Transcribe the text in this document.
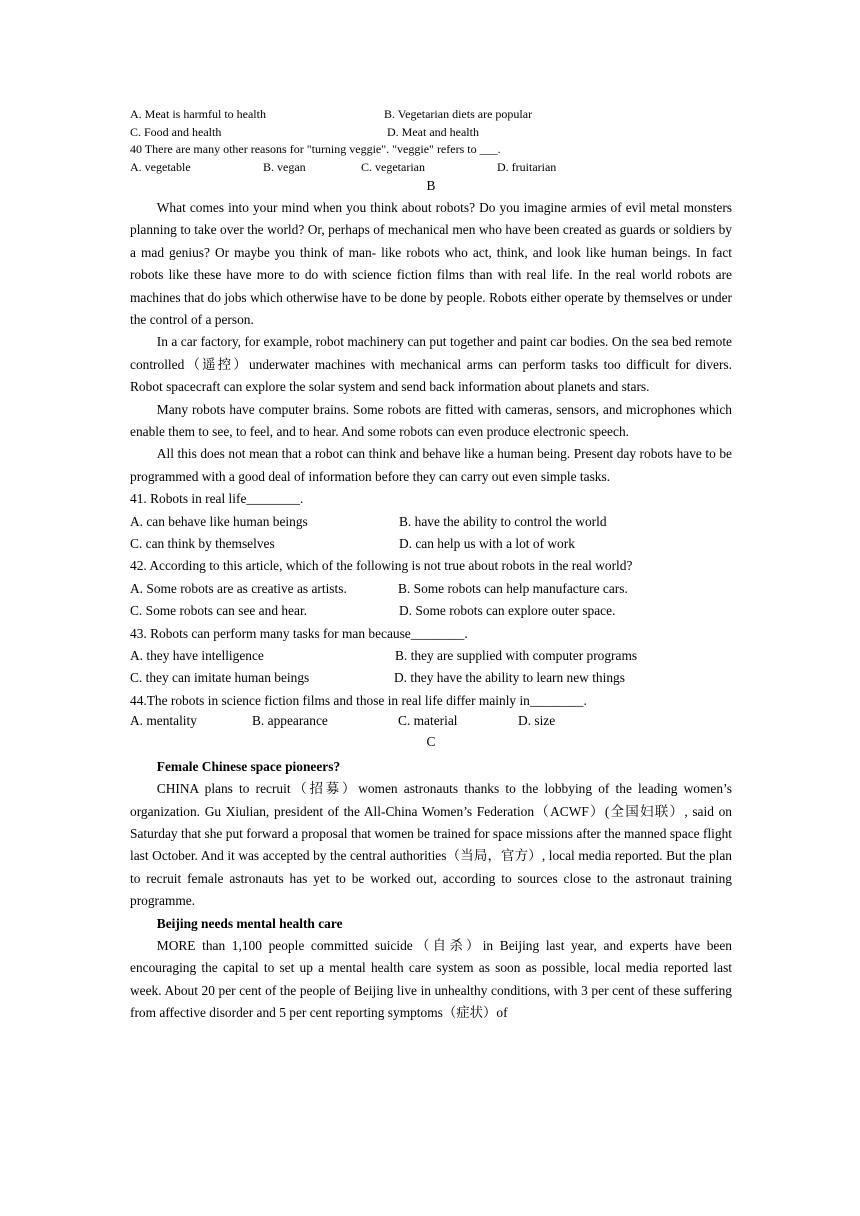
A. Meat is harmful to health	B. Vegetarian diets are popular
C. Food and health	D. Meat and health
40 There are many other reasons for "turning veggie". "veggie" refers to ___.
A. vegetable	B. vegan	C. vegetarian	D. fruitarian
B

What comes into your mind when you think about robots? Do you imagine armies of evil metal monsters planning to take over the world? Or, perhaps of mechanical men who have been created as guards or soldiers by a mad genius? Or maybe you think of man- like robots who act, think, and look like human beings. In fact robots like these have more to do with science fiction films than with real life. In the real world robots are machines that do jobs which otherwise have to be done by people. Robots either operate by themselves or under the control of a person.

In a car factory, for example, robot machinery can put together and paint car bodies. On the sea bed remote controlled（遥控）underwater machines with mechanical arms can perform tasks too difficult for divers. Robot spacecraft can explore the solar system and send back information about planets and stars.

Many robots have computer brains. Some robots are fitted with cameras, sensors, and microphones which enable them to see, to feel, and to hear. And some robots can even produce electronic speech.

All this does not mean that a robot can think and behave like a human being. Present day robots have to be programmed with a good deal of information before they can carry out even simple tasks.

41. Robots in real life________.
A. can behave like human beings	B. have the ability to control the world
C. can think by themselves	D. can help us with a lot of work
42. According to this article, which of the following is not true about robots in the real world?
A. Some robots are as creative as artists.	B. Some robots can help manufacture cars.
C. Some robots can see and hear.	D. Some robots can explore outer space.
43. Robots can perform many tasks for man because________.
A. they have intelligence	B. they are supplied with computer programs
C. they can imitate human beings	D. they have the ability to learn new things
44.The robots in science fiction films and those in real life differ mainly in________.
A. mentality	B. appearance	C. material	D. size
C

Female Chinese space pioneers?

CHINA plans to recruit（招募）women astronauts thanks to the lobbying of the leading women’s organization. Gu Xiulian, president of the All-China Women’s Federation（ACWF）(全国妇联）, said on Saturday that she put forward a proposal that women be trained for space missions after the manned space flight last October. And it was accepted by the central authorities（当局，官方）, local media reported. But the plan to recruit female astronauts has yet to be worked out, according to sources close to the astronaut training programme.

Beijing needs mental health care

MORE than 1,100 people committed suicide（自杀）in Beijing last year, and experts have been encouraging the capital to set up a mental health care system as soon as possible, local media reported last week. About 20 per cent of the people of Beijing live in unhealthy conditions, with 3 per cent of these suffering from affective disorder and 5 per cent reporting symptoms（症状）of
